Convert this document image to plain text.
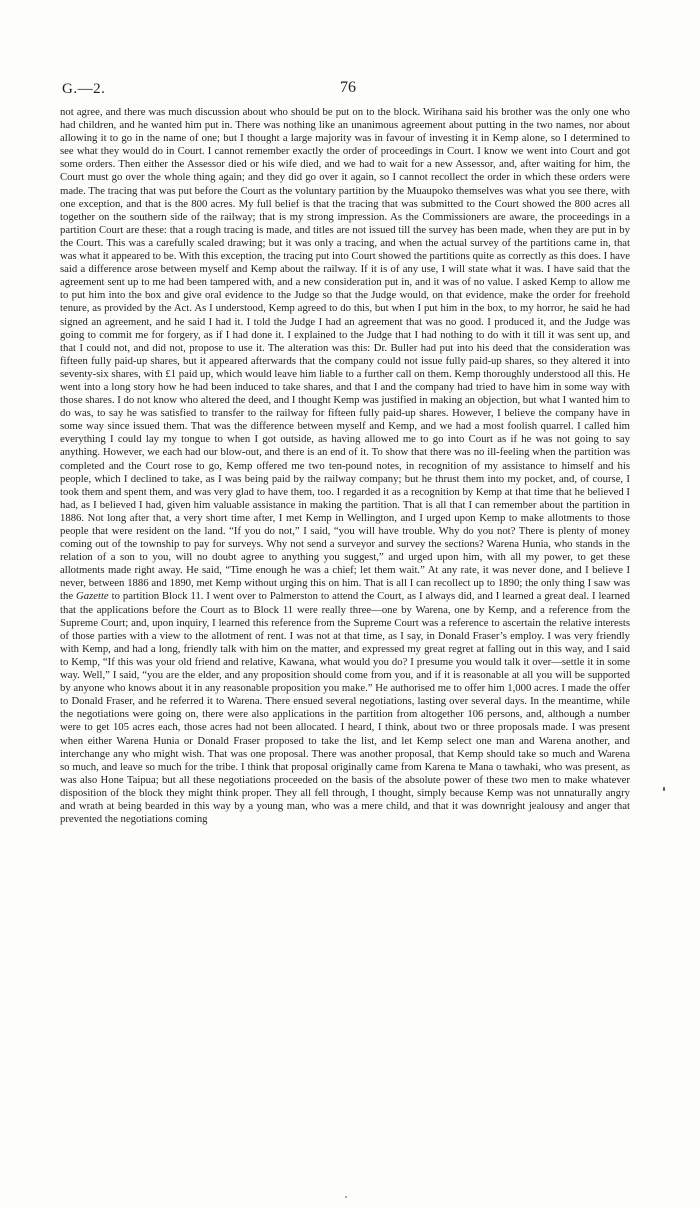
G.—2.	76

not agree, and there was much discussion about who should be put on to the block. Wirihana said his brother was the only one who had children, and he wanted him put in. There was nothing like an unanimous agreement about putting in the two names, nor about allowing it to go in the name of one; but I thought a large majority was in favour of investing it in Kemp alone, so I determined to see what they would do in Court. I cannot remember exactly the order of proceedings in Court. I know we went into Court and got some orders. Then either the Assessor died or his wife died, and we had to wait for a new Assessor, and, after waiting for him, the Court must go over the whole thing again; and they did go over it again, so I cannot recollect the order in which these orders were made. The tracing that was put before the Court as the voluntary partition by the Muaupoko themselves was what you see there, with one exception, and that is the 800 acres. My full belief is that the tracing that was submitted to the Court showed the 800 acres all together on the southern side of the railway; that is my strong impression. As the Commissioners are aware, the proceedings in a partition Court are these: that a rough tracing is made, and titles are not issued till the survey has been made, when they are put in by the Court. This was a carefully scaled drawing; but it was only a tracing, and when the actual survey of the partitions came in, that was what it appeared to be. With this exception, the tracing put into Court showed the partitions quite as correctly as this does. I have said a difference arose between myself and Kemp about the railway. If it is of any use, I will state what it was. I have said that the agreement sent up to me had been tampered with, and a new consideration put in, and it was of no value. I asked Kemp to allow me to put him into the box and give oral evidence to the Judge so that the Judge would, on that evidence, make the order for freehold tenure, as provided by the Act. As I understood, Kemp agreed to do this, but when I put him in the box, to my horror, he said he had signed an agreement, and he said I had it. I told the Judge I had an agreement that was no good. I produced it, and the Judge was going to commit me for forgery, as if I had done it. I explained to the Judge that I had nothing to do with it till it was sent up, and that I could not, and did not, propose to use it. The alteration was this: Dr. Buller had put into his deed that the consideration was fifteen fully paid-up shares, but it appeared afterwards that the company could not issue fully paid-up shares, so they altered it into seventy-six shares, with £1 paid up, which would leave him liable to a further call on them. Kemp thoroughly understood all this. He went into a long story how he had been induced to take shares, and that I and the company had tried to have him in some way with those shares. I do not know who altered the deed, and I thought Kemp was justified in making an objection, but what I wanted him to do was, to say he was satisfied to transfer to the railway for fifteen fully paid-up shares. However, I believe the company have in some way since issued them. That was the difference between myself and Kemp, and we had a most foolish quarrel. I called him everything I could lay my tongue to when I got outside, as having allowed me to go into Court as if he was not going to say anything. However, we each had our blow-out, and there is an end of it. To show that there was no ill-feeling when the partition was completed and the Court rose to go, Kemp offered me two ten-pound notes, in recognition of my assistance to himself and his people, which I declined to take, as I was being paid by the railway company; but he thrust them into my pocket, and, of course, I took them and spent them, and was very glad to have them, too. I regarded it as a recognition by Kemp at that time that he believed I had, as I believed I had, given him valuable assistance in making the partition. That is all that I can remember about the partition in 1886. Not long after that, a very short time after, I met Kemp in Wellington, and I urged upon Kemp to make allotments to those people that were resident on the land. “If you do not,” I said, “you will have trouble. Why do you not? There is plenty of money coming out of the township to pay for surveys. Why not send a surveyor and survey the sections? Warena Hunia, who stands in the relation of a son to you, will no doubt agree to anything you suggest,” and urged upon him, with all my power, to get these allotments made right away. He said, “Time enough he was a chief; let them wait.” At any rate, it was never done, and I believe I never, between 1886 and 1890, met Kemp without urging this on him. That is all I can recollect up to 1890; the only thing I saw was the Gazette to partition Block 11. I went over to Palmerston to attend the Court, as I always did, and I learned a great deal. I learned that the applications before the Court as to Block 11 were really three—one by Warena, one by Kemp, and a reference from the Supreme Court; and, upon inquiry, I learned this reference from the Supreme Court was a reference to ascertain the relative interests of those parties with a view to the allotment of rent. I was not at that time, as I say, in Donald Fraser’s employ. I was very friendly with Kemp, and had a long, friendly talk with him on the matter, and expressed my great regret at falling out in this way, and I said to Kemp, “If this was your old friend and relative, Kawana, what would you do? I presume you would talk it over—settle it in some way. Well,” I said, “you are the elder, and any proposition should come from you, and if it is reasonable at all you will be supported by anyone who knows about it in any reasonable proposition you make.” He authorised me to offer him 1,000 acres. I made the offer to Donald Fraser, and he referred it to Warena. There ensued several negotiations, lasting over several days. In the meantime, while the negotiations were going on, there were also applications in the partition from altogether 106 persons, and, although a number were to get 105 acres each, those acres had not been allocated. I heard, I think, about two or three proposals made. I was present when either Warena Hunia or Donald Fraser proposed to take the list, and let Kemp select one man and Warena another, and interchange any who might wish. That was one proposal. There was another proposal, that Kemp should take so much and Warena so much, and leave so much for the tribe. I think that proposal originally came from Karena te Mana o tawhaki, who was present, as was also Hone Taipua; but all these negotiations proceeded on the basis of the absolute power of these two men to make whatever disposition of the block they might think proper. They all fell through, I thought, simply because Kemp was not unnaturally angry and wrath at being bearded in this way by a young man, who was a mere child, and that it was downright jealousy and anger that prevented the negotiations coming
